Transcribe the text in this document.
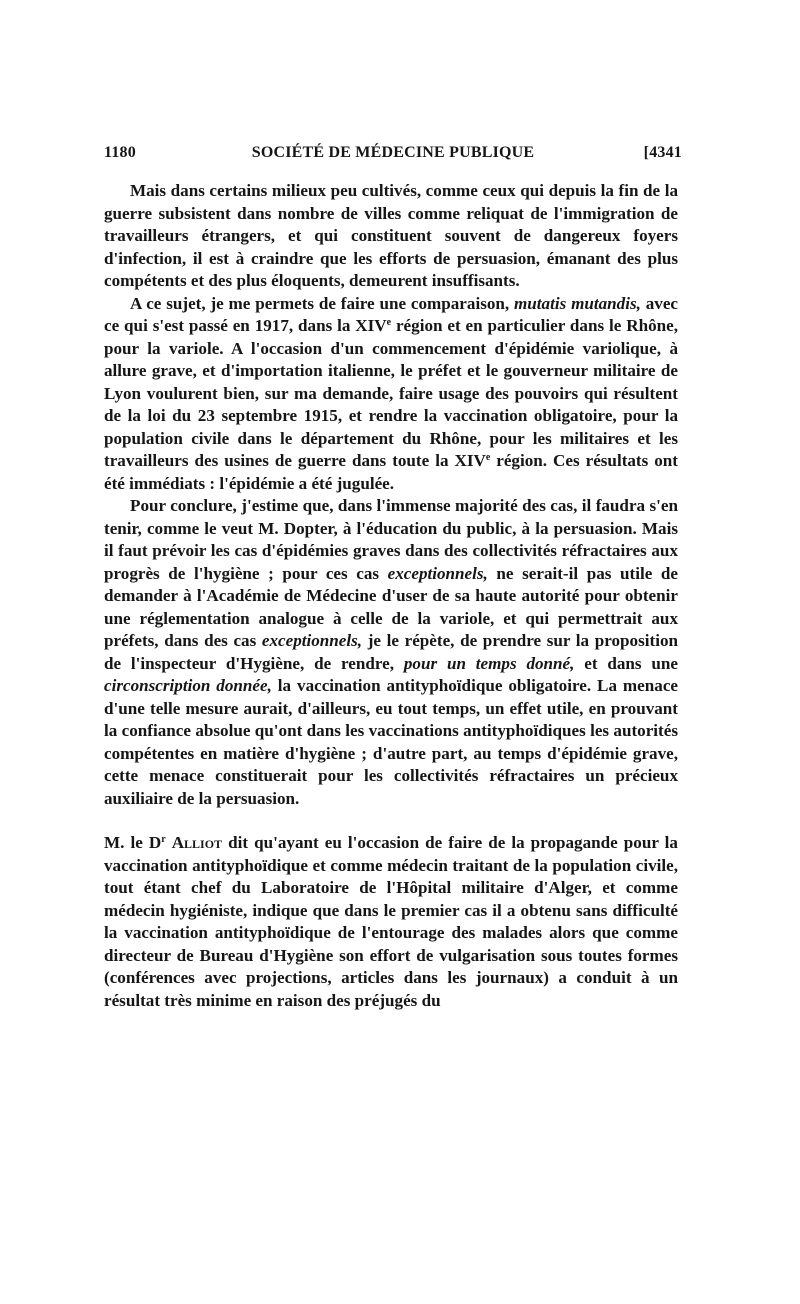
1180	SOCIÉTÉ DE MÉDECINE PUBLIQUE	[4341

Mais dans certains milieux peu cultivés, comme ceux qui depuis la fin de la guerre subsistent dans nombre de villes comme reliquat de l'immigration de travailleurs étrangers, et qui constituent souvent de dangereux foyers d'infection, il est à craindre que les efforts de persuasion, émanant des plus compétents et des plus éloquents, demeurent insuffisants.

A ce sujet, je me permets de faire une comparaison, mutatis mutandis, avec ce qui s'est passé en 1917, dans la XIVe région et en particulier dans le Rhône, pour la variole. A l'occasion d'un commencement d'épidémie variolique, à allure grave, et d'importation italienne, le préfet et le gouverneur militaire de Lyon voulurent bien, sur ma demande, faire usage des pouvoirs qui résultent de la loi du 23 septembre 1915, et rendre la vaccination obligatoire, pour la population civile dans le département du Rhône, pour les militaires et les travailleurs des usines de guerre dans toute la XIVe région. Ces résultats ont été immédiats : l'épidémie a été jugulée.

Pour conclure, j'estime que, dans l'immense majorité des cas, il faudra s'en tenir, comme le veut M. Dopter, à l'éducation du public, à la persuasion. Mais il faut prévoir les cas d'épidémies graves dans des collectivités réfractaires aux progrès de l'hygiène ; pour ces cas exceptionnels, ne serait-il pas utile de demander à l'Académie de Médecine d'user de sa haute autorité pour obtenir une réglementation analogue à celle de la variole, et qui permettrait aux préfets, dans des cas exceptionnels, je le répète, de prendre sur la proposition de l'inspecteur d'Hygiène, de rendre, pour un temps donné, et dans une circonscription donnée, la vaccination antityphoïdique obligatoire. La menace d'une telle mesure aurait, d'ailleurs, eu tout temps, un effet utile, en prouvant la confiance absolue qu'ont dans les vaccinations antityphoïdiques les autorités compétentes en matière d'hygiène ; d'autre part, au temps d'épidémie grave, cette menace constituerait pour les collectivités réfractaires un précieux auxiliaire de la persuasion.

M. le $D^r$ Alliot dit qu'ayant eu l'occasion de faire de la propagande pour la vaccination antityphoïdique et comme médecin traitant de la population civile, tout étant chef du Laboratoire de l'Hôpital militaire d'Alger, et comme médecin hygiéniste, indique que dans le premier cas il a obtenu sans difficulté la vaccination antityphoïdique de l'entourage des malades alors que comme directeur de Bureau d'Hygiène son effort de vulgarisation sous toutes formes (conférences avec projections, articles dans les journaux) a conduit à un résultat très minime en raison des préjugés du
